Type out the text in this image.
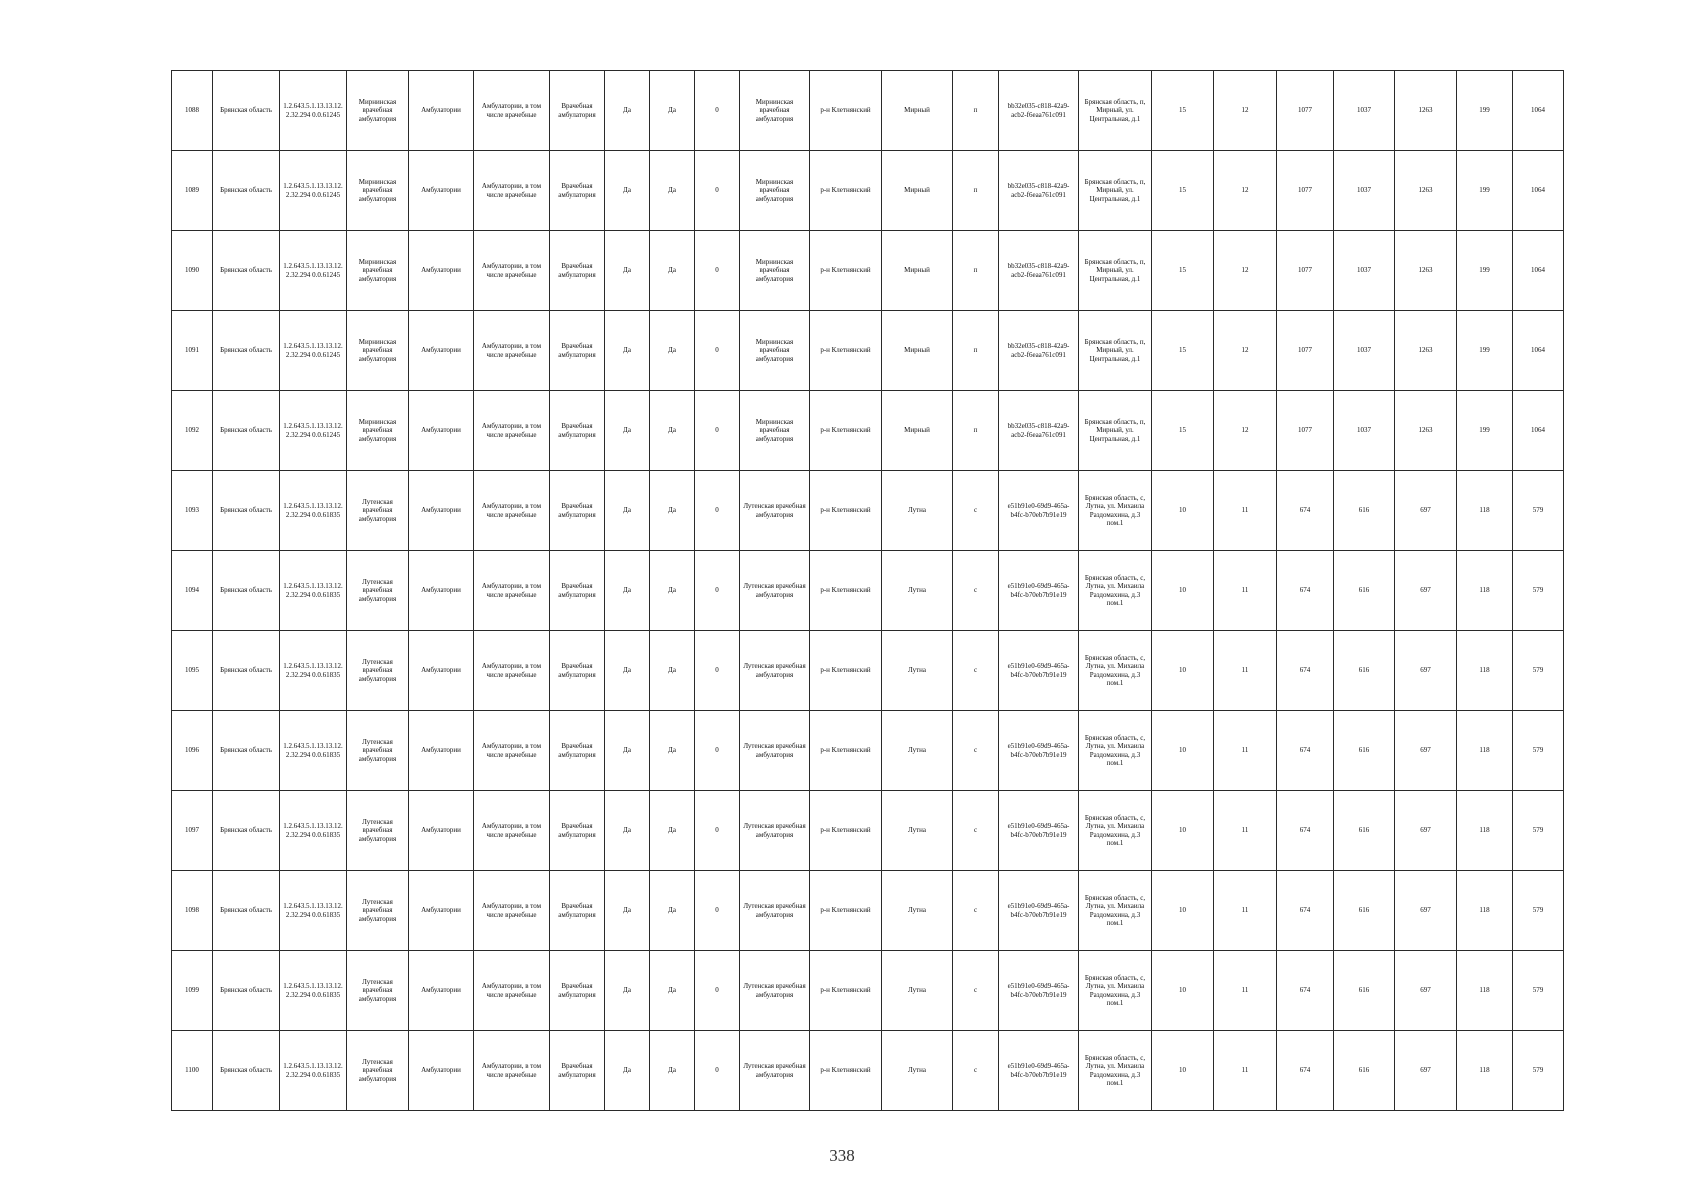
1088	Брянская область	1.2.643.5.1.13.13.12.2.32.294 0.0.61245	Мирнинская врачебная амбулатория	Амбулатории	Амбулатории, в том числе врачебные	Врачебная амбулатория	Да	Да	0	Мирнинская врачебная амбулатория	р-н Клетнянский	Мирный	п	bb32e035-c818-42a9-acb2-f6eaa761c091	Брянская область, п, Мирный, ул. Центральная, д.1	15	12	1077	1037	1263	199	1064
1089	Брянская область	1.2.643.5.1.13.13.12.2.32.294 0.0.61245	Мирнинская врачебная амбулатория	Амбулатории	Амбулатории, в том числе врачебные	Врачебная амбулатория	Да	Да	0	Мирнинская врачебная амбулатория	р-н Клетнянский	Мирный	п	bb32e035-c818-42a9-acb2-f6eaa761c091	Брянская область, п, Мирный, ул. Центральная, д.1	15	12	1077	1037	1263	199	1064
1090	Брянская область	1.2.643.5.1.13.13.12.2.32.294 0.0.61245	Мирнинская врачебная амбулатория	Амбулатории	Амбулатории, в том числе врачебные	Врачебная амбулатория	Да	Да	0	Мирнинская врачебная амбулатория	р-н Клетнянский	Мирный	п	bb32e035-c818-42a9-acb2-f6eaa761c091	Брянская область, п, Мирный, ул. Центральная, д.1	15	12	1077	1037	1263	199	1064
1091	Брянская область	1.2.643.5.1.13.13.12.2.32.294 0.0.61245	Мирнинская врачебная амбулатория	Амбулатории	Амбулатории, в том числе врачебные	Врачебная амбулатория	Да	Да	0	Мирнинская врачебная амбулатория	р-н Клетнянский	Мирный	п	bb32e035-c818-42a9-acb2-f6eaa761c091	Брянская область, п, Мирный, ул. Центральная, д.1	15	12	1077	1037	1263	199	1064
1092	Брянская область	1.2.643.5.1.13.13.12.2.32.294 0.0.61245	Мирнинская врачебная амбулатория	Амбулатории	Амбулатории, в том числе врачебные	Врачебная амбулатория	Да	Да	0	Мирнинская врачебная амбулатория	р-н Клетнянский	Мирный	п	bb32e035-c818-42a9-acb2-f6eaa761c091	Брянская область, п, Мирный, ул. Центральная, д.1	15	12	1077	1037	1263	199	1064
1093	Брянская область	1.2.643.5.1.13.13.12.2.32.294 0.0.61835	Лутенская врачебная амбулатория	Амбулатории	Амбулатории, в том числе врачебные	Врачебная амбулатория	Да	Да	0	Лутенская врачебная амбулатория	р-н Клетнянский	Лутна	с	e51b91e0-69d9-465a-b4fc-b70eb7b91e19	Брянская область, с, Лутна, ул. Михаила Раздомахина, д.3 пом.1	10	11	674	616	697	118	579
1094	Брянская область	1.2.643.5.1.13.13.12.2.32.294 0.0.61835	Лутенская врачебная амбулатория	Амбулатории	Амбулатории, в том числе врачебные	Врачебная амбулатория	Да	Да	0	Лутенская врачебная амбулатория	р-н Клетнянский	Лутна	с	e51b91e0-69d9-465a-b4fc-b70eb7b91e19	Брянская область, с, Лутна, ул. Михаила Раздомахина, д.3 пом.1	10	11	674	616	697	118	579
1095	Брянская область	1.2.643.5.1.13.13.12.2.32.294 0.0.61835	Лутенская врачебная амбулатория	Амбулатории	Амбулатории, в том числе врачебные	Врачебная амбулатория	Да	Да	0	Лутенская врачебная амбулатория	р-н Клетнянский	Лутна	с	e51b91e0-69d9-465a-b4fc-b70eb7b91e19	Брянская область, с, Лутна, ул. Михаила Раздомахина, д.3 пом.1	10	11	674	616	697	118	579
1096	Брянская область	1.2.643.5.1.13.13.12.2.32.294 0.0.61835	Лутенская врачебная амбулатория	Амбулатории	Амбулатории, в том числе врачебные	Врачебная амбулатория	Да	Да	0	Лутенская врачебная амбулатория	р-н Клетнянский	Лутна	с	e51b91e0-69d9-465a-b4fc-b70eb7b91e19	Брянская область, с, Лутна, ул. Михаила Раздомахина, д.3 пом.1	10	11	674	616	697	118	579
1097	Брянская область	1.2.643.5.1.13.13.12.2.32.294 0.0.61835	Лутенская врачебная амбулатория	Амбулатории	Амбулатории, в том числе врачебные	Врачебная амбулатория	Да	Да	0	Лутенская врачебная амбулатория	р-н Клетнянский	Лутна	с	e51b91e0-69d9-465a-b4fc-b70eb7b91e19	Брянская область, с, Лутна, ул. Михаила Раздомахина, д.3 пом.1	10	11	674	616	697	118	579
1098	Брянская область	1.2.643.5.1.13.13.12.2.32.294 0.0.61835	Лутенская врачебная амбулатория	Амбулатории	Амбулатории, в том числе врачебные	Врачебная амбулатория	Да	Да	0	Лутенская врачебная амбулатория	р-н Клетнянский	Лутна	с	e51b91e0-69d9-465a-b4fc-b70eb7b91e19	Брянская область, с, Лутна, ул. Михаила Раздомахина, д.3 пом.1	10	11	674	616	697	118	579
1099	Брянская область	1.2.643.5.1.13.13.12.2.32.294 0.0.61835	Лутенская врачебная амбулатория	Амбулатории	Амбулатории, в том числе врачебные	Врачебная амбулатория	Да	Да	0	Лутенская врачебная амбулатория	р-н Клетнянский	Лутна	с	e51b91e0-69d9-465a-b4fc-b70eb7b91e19	Брянская область, с, Лутна, ул. Михаила Раздомахина, д.3 пом.1	10	11	674	616	697	118	579
1100	Брянская область	1.2.643.5.1.13.13.12.2.32.294 0.0.61835	Лутенская врачебная амбулатория	Амбулатории	Амбулатории, в том числе врачебные	Врачебная амбулатория	Да	Да	0	Лутенская врачебная амбулатория	р-н Клетнянский	Лутна	с	e51b91e0-69d9-465a-b4fc-b70eb7b91e19	Брянская область, с, Лутна, ул. Михаила Раздомахина, д.3 пом.1	10	11	674	616	697	118	579
338
